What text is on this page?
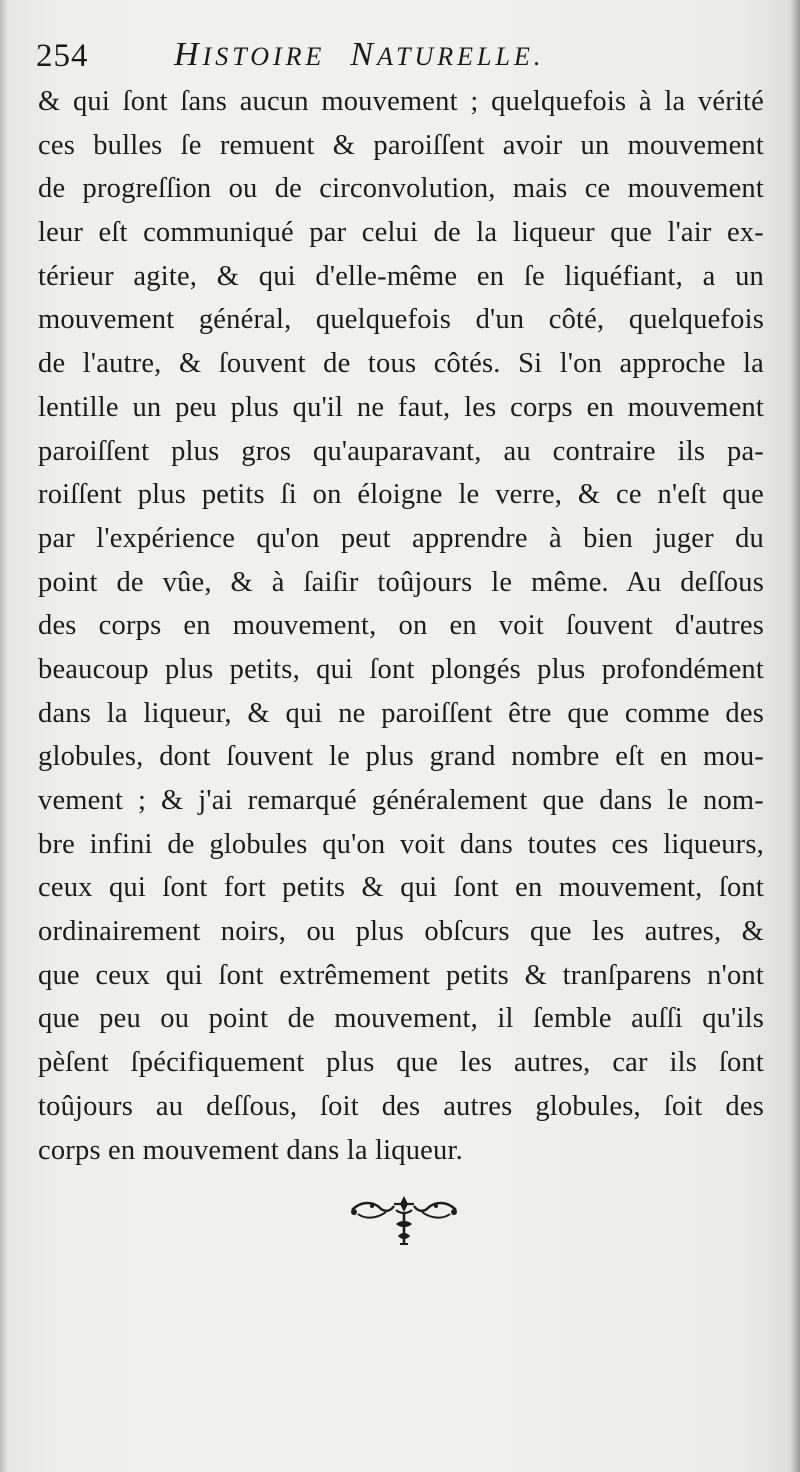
254	HISTOIRE NATURELLE.
& qui ſont ſans aucun mouvement ; quelquefois à la vérité
ces bulles ſe remuent & paroiſſent avoir un mouvement
de progreſſion ou de circonvolution, mais ce mouvement
leur eſt communiqué par celui de la liqueur que l'air ex-
térieur agite, & qui d'elle-même en ſe liquéfiant, a un
mouvement général, quelquefois d'un côté, quelquefois
de l'autre, & ſouvent de tous côtés. Si l'on approche la
lentille un peu plus qu'il ne faut, les corps en mouvement
paroiſſent plus gros qu'auparavant, au contraire ils pa-
roiſſent plus petits ſi on éloigne le verre, & ce n'eſt que
par l'expérience qu'on peut apprendre à bien juger du
point de vûe, & à ſaiſir toûjours le même. Au deſſous
des corps en mouvement, on en voit ſouvent d'autres
beaucoup plus petits, qui ſont plongés plus profondément
dans la liqueur, & qui ne paroiſſent être que comme des
globules, dont ſouvent le plus grand nombre eſt en mou-
vement ; & j'ai remarqué généralement que dans le nom-
bre infini de globules qu'on voit dans toutes ces liqueurs,
ceux qui ſont fort petits & qui ſont en mouvement, ſont
ordinairement noirs, ou plus obſcurs que les autres, &
que ceux qui ſont extrêmement petits & tranſparens n'ont
que peu ou point de mouvement, il ſemble auſſi qu'ils
pèſent ſpécifiquement plus que les autres, car ils ſont
toûjours au deſſous, ſoit des autres globules, ſoit des
corps en mouvement dans la liqueur.
